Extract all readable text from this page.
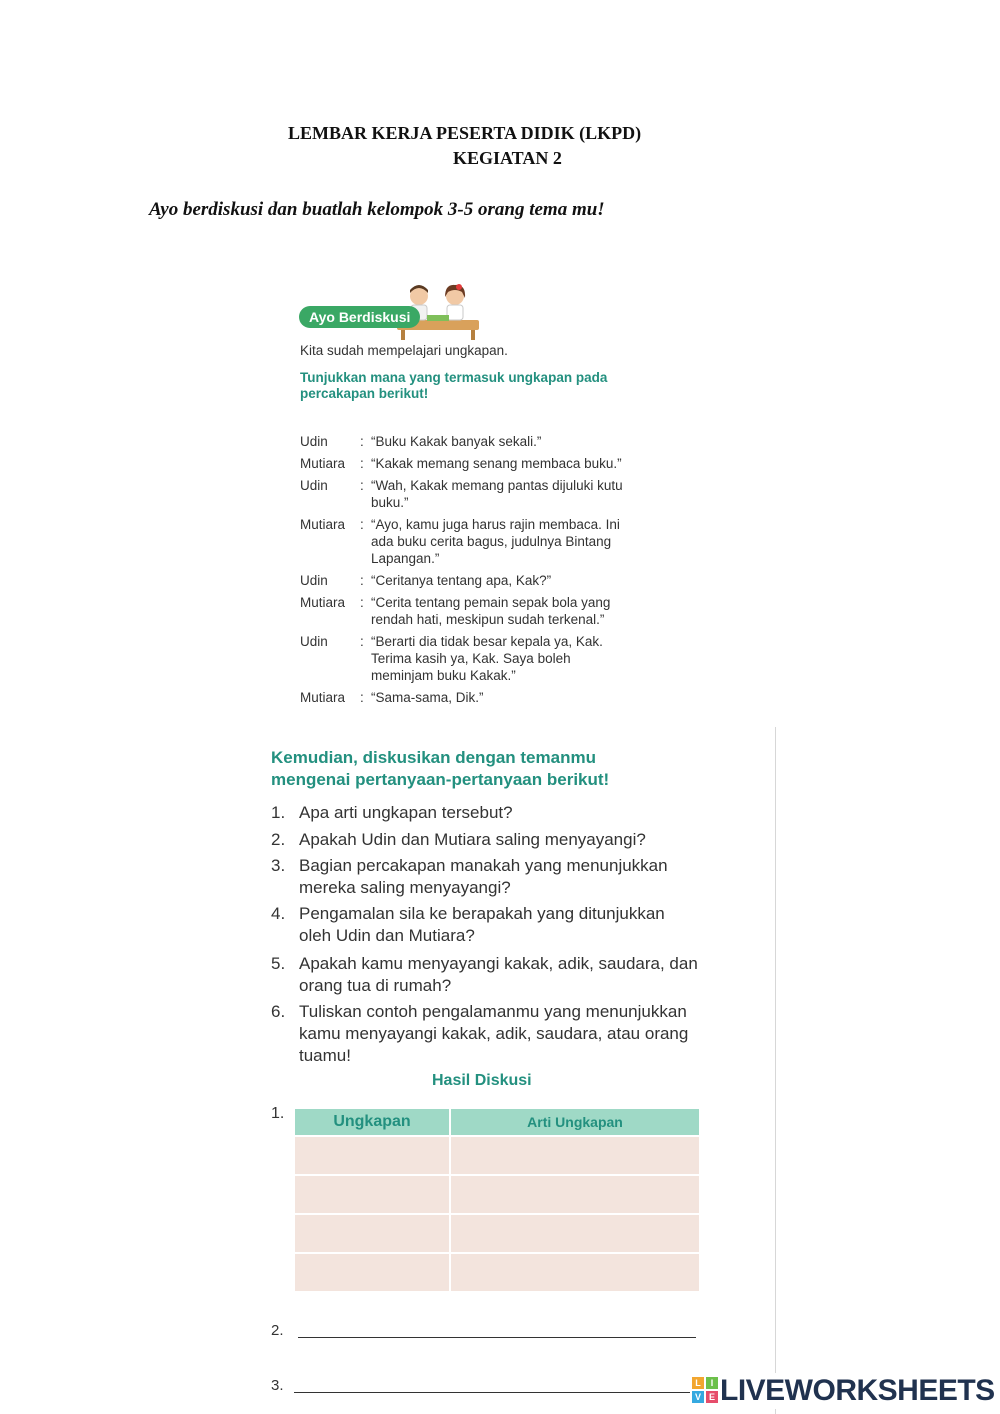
LEMBAR KERJA PESERTA DIDIK (LKPD)
KEGIATAN 2
Ayo berdiskusi dan buatlah kelompok 3-5 orang tema mu!
Ayo Berdiskusi
Kita sudah mempelajari ungkapan.
Tunjukkan mana yang termasuk ungkapan pada
percakapan berikut!
Udin	: “Buku Kakak banyak sekali.”
Mutiara	: “Kakak memang senang membaca buku.”
Udin	: “Wah, Kakak memang pantas dijuluki kutu buku.”
Mutiara	: “Ayo, kamu juga harus rajin membaca. Ini ada buku cerita bagus, judulnya Bintang Lapangan.”
Udin	: “Ceritanya tentang apa, Kak?”
Mutiara	: “Cerita tentang pemain sepak bola yang rendah hati, meskipun sudah terkenal.”
Udin	: “Berarti dia tidak besar kepala ya, Kak. Terima kasih ya, Kak. Saya boleh meminjam buku Kakak.”
Mutiara	: “Sama-sama, Dik.”
Kemudian, diskusikan dengan temanmu
mengenai pertanyaan-pertanyaan berikut!
1. Apa arti ungkapan tersebut?
2. Apakah Udin dan Mutiara saling menyayangi?
3. Bagian percakapan manakah yang menunjukkan mereka saling menyayangi?
4. Pengamalan sila ke berapakah yang ditunjukkan oleh Udin dan Mutiara?
5. Apakah kamu menyayangi kakak, adik, saudara, dan orang tua di rumah?
6. Tuliskan contoh pengalamanmu yang menunjukkan kamu menyayangi kakak, adik, saudara, atau orang tuamu!
Hasil Diskusi
1.	Ungkapan	Arti Ungkapan

2.
3.	L	I
V E LIVEWORKSHEETS
